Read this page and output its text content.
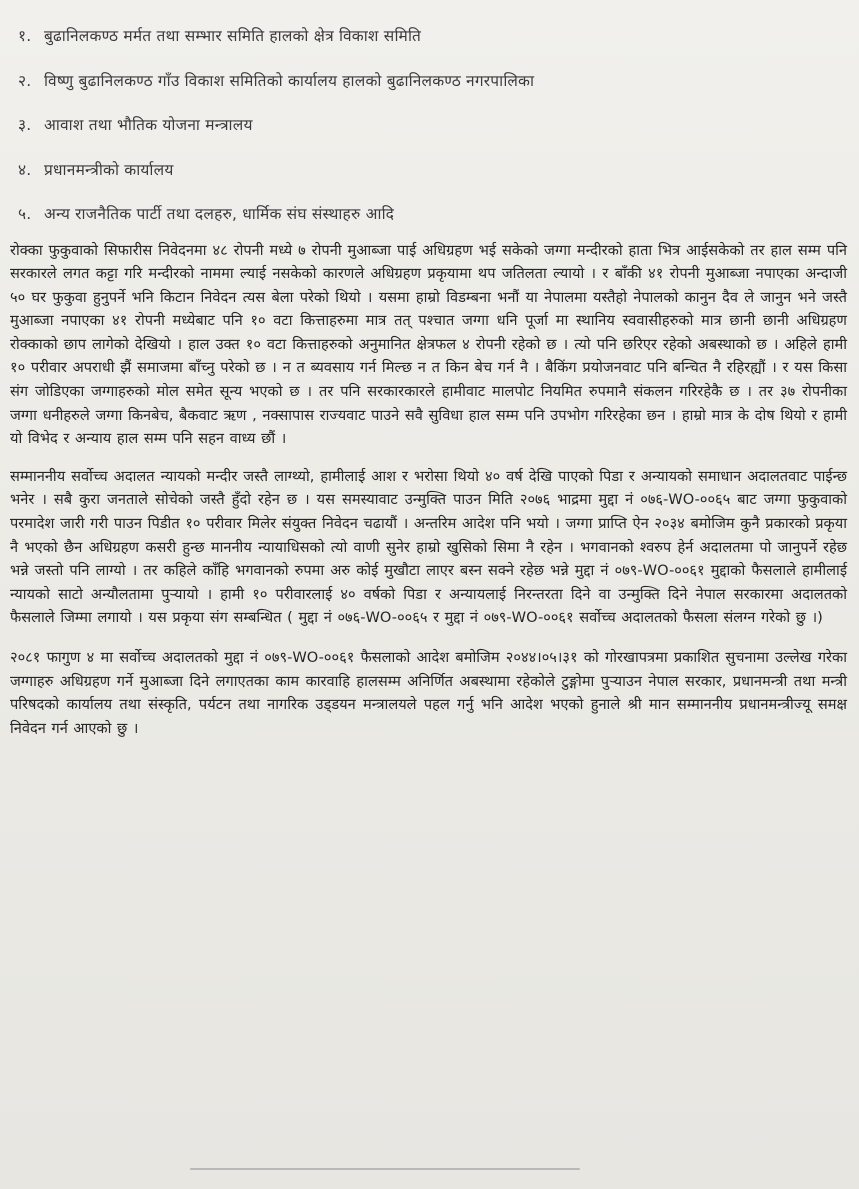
१. बुढानिलकण्ठ मर्मत तथा सम्भार समिति हालको क्षेत्र विकाश समिति
२. विष्णु बुढानिलकण्ठ गाँउ विकाश समितिको कार्यालय हालको बुढानिलकण्ठ नगरपालिका
३. आवाश तथा भौतिक योजना मन्त्रालय
४. प्रधानमन्त्रीको कार्यालय
५. अन्य राजनैतिक पार्टी तथा दलहरु, धार्मिक संघ संस्थाहरु आदि

रोक्का फुकुवाको सिफारीस निवेदनमा ४८ रोपनी मध्ये ७ रोपनी मुआब्जा पाई अधिग्रहण भई सकेको जग्गा मन्दीरको हाता भित्र आईसकेको तर हाल सम्म पनि सरकारले लगत कट्टा गरि मन्दीरको नाममा ल्याई नसकेको कारणले अधिग्रहण प्रकृयामा थप जतिलता ल्यायो । र बाँकी ४१ रोपनी मुआब्जा नपाएका अन्दाजी ५० घर फुकुवा हुनुपर्ने भनि किटान निवेदन त्यस बेला परेको थियो । यसमा हाम्रो विडम्बना भनौं या नेपालमा यस्तैहो नेपालको कानुन दैव ले जानुन भने जस्तै मुआब्जा नपाएका ४१ रोपनी मध्येबाट पनि १० वटा कित्ताहरुमा मात्र तत् पश्चात जग्गा धनि पूर्जा मा स्थानिय स्ववासीहरुको मात्र छानी छानी अधिग्रहण रोक्काको छाप लागेको देखियो । हाल उक्त १० वटा कित्ताहरुको अनुमानित क्षेत्रफल ४ रोपनी रहेको छ । त्यो पनि छरिएर रहेको अबस्थाको छ । अहिले हामी १० परीवार अपराधी झैं समाजमा बाँच्नु परेको छ । न त ब्यवसाय गर्न मिल्छ न त किन बेच गर्न नै । बैकिंग प्रयोजनवाट पनि बन्चित नै रहिरह्यौं । र यस किसा संग जोडिएका जग्गाहरुको मोल समेत सून्य भएको छ । तर पनि सरकारकारले हामीवाट मालपोट नियमित रुपमानै संकलन गरिरहेकै छ । तर ३७ रोपनीका जग्गा धनीहरुले जग्गा किनबेच, बैकवाट ऋण , नक्सापास राज्यवाट पाउने सवै सुविधा हाल सम्म पनि उपभोग गरिरहेका छन । हाम्रो मात्र के दोष थियो र हामी यो विभेद र अन्याय हाल सम्म पनि सहन वाध्य छौं ।

सम्माननीय सर्वोच्च अदालत न्यायको मन्दीर जस्तै लाग्थ्यो, हामीलाई आश र भरोसा थियो ४० वर्ष देखि पाएको पिडा र अन्यायको समाधान अदालतवाट पाईन्छ भनेर । सबै कुरा जनताले सोचेको जस्तै हुँदो रहेन छ । यस समस्यावाट उन्मुक्ति पाउन मिति २०७६ भाद्रमा मुद्दा नं ०७६-WO-००६५ बाट जग्गा फुकुवाको परमादेश जारी गरी पाउन पिडीत १० परीवार मिलेर संयुक्त निवेदन चढायौं । अन्तरिम आदेश पनि भयो । जग्गा प्राप्ति ऐन २०३४ बमोजिम कुनै प्रकारको प्रकृया नै भएको छैन अधिग्रहण कसरी हुन्छ माननीय न्यायाधिसको त्यो वाणी सुनेर हाम्रो खुसिको सिमा नै रहेन । भगवानको श्वरुप हेर्न अदालतमा पो जानुपर्ने रहेछ भन्ने जस्तो पनि लाग्यो । तर कहिले काँहि भगवानको रुपमा अरु कोई मुखौटा लाएर बस्न सक्ने रहेछ भन्ने मुद्दा नं ०७९-WO-००६१ मुद्दाको फैसलाले हामीलाई न्यायको साटो अन्यौलतामा पुर्‍यायो । हामी १० परीवारलाई ४० वर्षको पिडा र अन्यायलाई निरन्तरता दिने वा उन्मुक्ति दिने नेपाल सरकारमा अदालतको फैसलाले जिम्मा लगायो । यस प्रकृया संग सम्बन्धित ( मुद्दा नं ०७६-WO-००६५ र मुद्दा नं ०७९-WO-००६१ सर्वोच्च अदालतको फैसला संलग्न गरेको छु ।)

२०८१ फागुण ४ मा सर्वोच्च अदालतको मुद्दा नं ०७९-WO-००६१ फैसलाको आदेश बमोजिम २०४४।०५।३१ को गोरखापत्रमा प्रकाशित सुचनामा उल्लेख गरेका जग्गाहरु अधिग्रहण गर्ने मुआब्जा दिने लगाएतका काम कारवाहि हालसम्म अनिर्णित अबस्थामा रहेकोले टुङ्गोमा पुर्‍याउन नेपाल सरकार, प्रधानमन्त्री तथा मन्त्री परिषदको कार्यालय तथा संस्कृति, पर्यटन तथा नागरिक उड्‍डयन मन्त्रालयले पहल गर्नु भनि आदेश भएको हुनाले श्री मान सम्माननीय प्रधानमन्त्रीज्यू समक्ष निवेदन गर्न आएको छु ।
